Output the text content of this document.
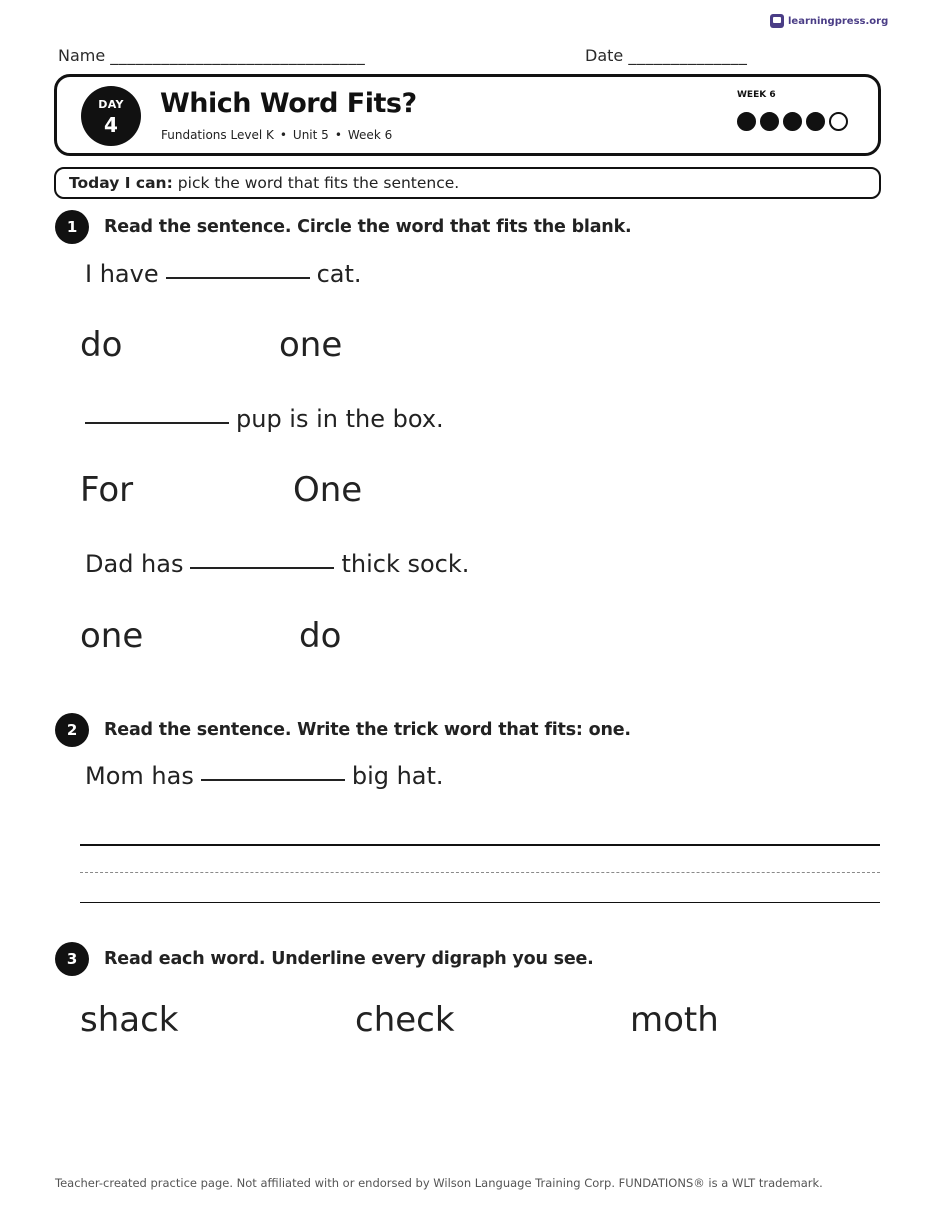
learningpress.org
Name ______________________________	Date ______________
DAY
4
Which Word Fits?
Fundations Level K • Unit 5 • Week 6
WEEK 6
Today I can: pick the word that fits the sentence.
1	Read the sentence. Circle the word that fits the blank.
I have	cat.
do	one
pup is in the box.
For	One
Dad has	thick sock.
one	do
2	Read the sentence. Write the trick word that fits: one.
Mom has	big hat.
3	Read each word. Underline every digraph you see.
shack	check	moth
Teacher-created practice page. Not affiliated with or endorsed by Wilson Language Training Corp. FUNDATIONS® is a WLT trademark.
